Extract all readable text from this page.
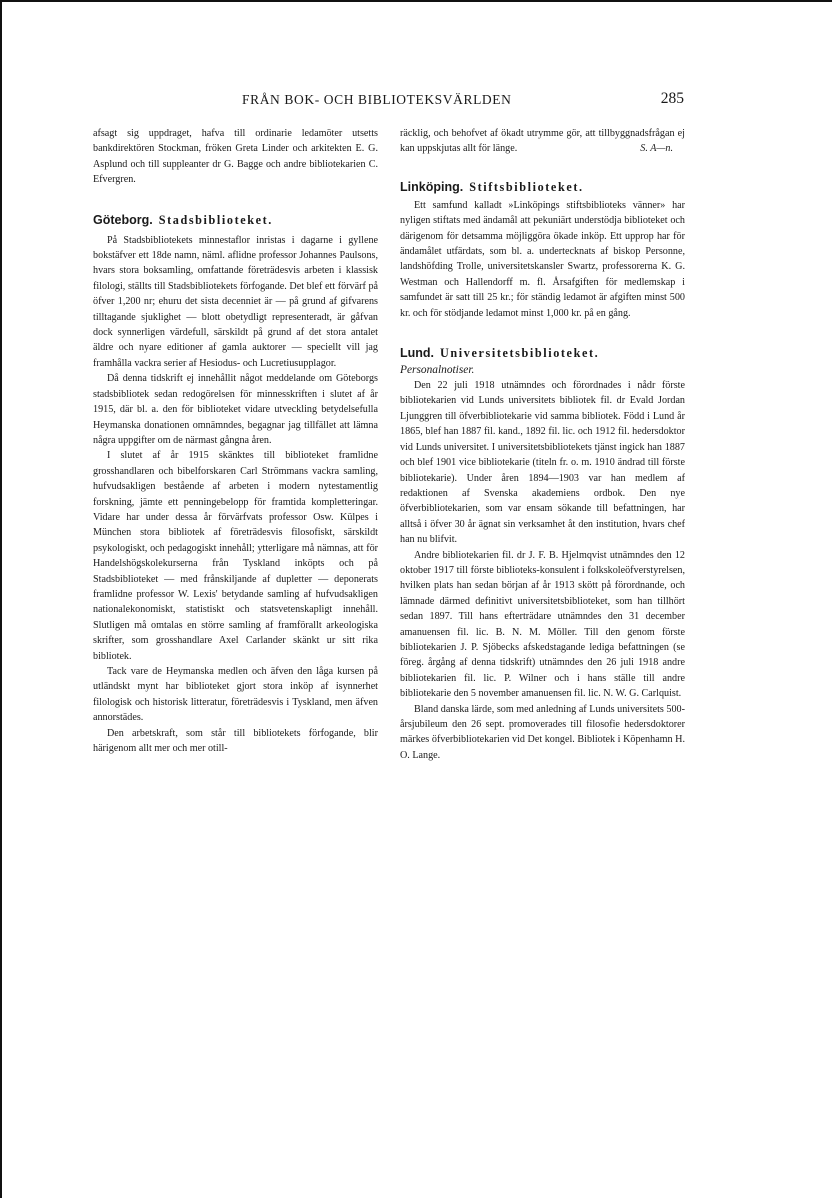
FRÅN BOK- OCH BIBLIOTEKSVÄRLDEN	285

afsagt sig uppdraget, hafva till ordinarie ledamöter utsetts bankdirektören Stockman, fröken Greta Linder och arkitekten E. G. Asplund och till suppleanter dr G. Bagge och andre bibliotekarien C. Efvergren.

Göteborg. Stadsbiblioteket.

På Stadsbibliotekets minnestaflor inristas i dagarne i gyllene bokstäfver ett 18de namn, näml. aflidne professor Johannes Paulsons, hvars stora boksamling, omfattande företrädesvis arbeten i klassisk filologi, ställts till Stadsbibliotekets förfogande. Det blef ett förvärf på öfver 1,200 nr; ehuru det sista decenniet är — på grund af gifvarens tilltagande sjuklighet — blott obetydligt representeradt, är gåfvan dock synnerligen värdefull, särskildt på grund af det stora antalet äldre och nyare editioner af gamla auktorer — speciellt vill jag framhålla vackra serier af Hesiodus- och Lucretiusupplagor.

Då denna tidskrift ej innehållit något meddelande om Göteborgs stadsbibliotek sedan redogörelsen för minnesskriften i slutet af år 1915, där bl. a. den för biblioteket vidare utveckling betydelsefulla Heymanska donationen omnämndes, begagnar jag tillfället att lämna några uppgifter om de närmast gångna åren.

I slutet af år 1915 skänktes till biblioteket framlidne grosshandlaren och bibelforskaren Carl Strömmans vackra samling, hufvudsakligen bestående af arbeten i modern nytestamentlig forskning, jämte ett penningebelopp för framtida kompletteringar. Vidare har under dessa år förvärfvats professor Osw. Külpes i München stora bibliotek af företrädesvis filosofiskt, särskildt psykologiskt, och pedagogiskt innehåll; ytterligare må nämnas, att för Handelshögskolekurserna från Tyskland inköpts och på Stadsbiblioteket — med frånskiljande af dupletter — deponerats framlidne professor W. Lexis' betydande samling af hufvudsakligen nationalekonomiskt, statistiskt och statsvetenskapligt innehåll. Slutligen må omtalas en större samling af framförallt arkeologiska skrifter, som grosshandlare Axel Carlander skänkt ur sitt rika bibliotek.

Tack vare de Heymanska medlen och äfven den låga kursen på utländskt mynt har biblioteket gjort stora inköp af isynnerhet filologisk och historisk litteratur, företrädesvis i Tyskland, men äfven annorstädes.

Den arbetskraft, som står till bibliotekets förfogande, blir härigenom allt mer och mer otill-

räcklig, och behofvet af ökadt utrymme gör, att tillbyggnadsfrågan ej kan uppskjutas allt för länge.	S. A—n.

Linköping. Stiftsbiblioteket.

Ett samfund kalladt »Linköpings stiftsbiblioteks vänner» har nyligen stiftats med ändamål att pekuniärt understödja biblioteket och därigenom för detsamma möjliggöra ökade inköp. Ett upprop har för ändamålet utfärdats, som bl. a. undertecknats af biskop Personne, landshöfding Trolle, universitetskansler Swartz, professorerna K. G. Westman och Hallendorff m. fl. Årsafgiften för medlemskap i samfundet är satt till 25 kr.; för ständig ledamot är afgiften minst 500 kr. och för stödjande ledamot minst 1,000 kr. på en gång.

Lund. Universitetsbiblioteket.

Personalnotiser.

Den 22 juli 1918 utnämndes och förordnades i nådr förste bibliotekarien vid Lunds universitets bibliotek fil. dr Evald Jordan Ljunggren till öfverbibliotekarie vid samma bibliotek. Född i Lund år 1865, blef han 1887 fil. kand., 1892 fil. lic. och 1912 fil. hedersdoktor vid Lunds universitet. I universitetsbibliotekets tjänst ingick han 1887 och blef 1901 vice bibliotekarie (titeln fr. o. m. 1910 ändrad till förste bibliotekarie). Under åren 1894—1903 var han medlem af redaktionen af Svenska akademiens ordbok. Den nye öfverbibliotekarien, som var ensam sökande till befattningen, har alltså i öfver 30 år ägnat sin verksamhet åt den institution, hvars chef han nu blifvit.

Andre bibliotekarien fil. dr J. F. B. Hjelmqvist utnämndes den 12 oktober 1917 till förste biblioteks-konsulent i folkskoleöfverstyrelsen, hvilken plats han sedan början af år 1913 skött på förordnande, och lämnade därmed definitivt universitetsbiblioteket, som han tillhört sedan 1897. Till hans efterträdare utnämndes den 31 december amanuensen fil. lic. B. N. M. Möller. Till den genom förste bibliotekarien J. P. Sjöbecks afskedstagande lediga befattningen (se föreg. årgång af denna tidskrift) utnämndes den 26 juli 1918 andre bibliotekarien fil. lic. P. Wilner och i hans ställe till andre bibliotekarie den 5 november amanuensen fil. lic. N. W. G. Carlquist.

Bland danska lärde, som med anledning af Lunds universitets 500-årsjubileum den 26 sept. promoverades till filosofie hedersdoktorer märkes öfverbibliotekarien vid Det kongel. Bibliotek i Köpenhamn H. O. Lange.
